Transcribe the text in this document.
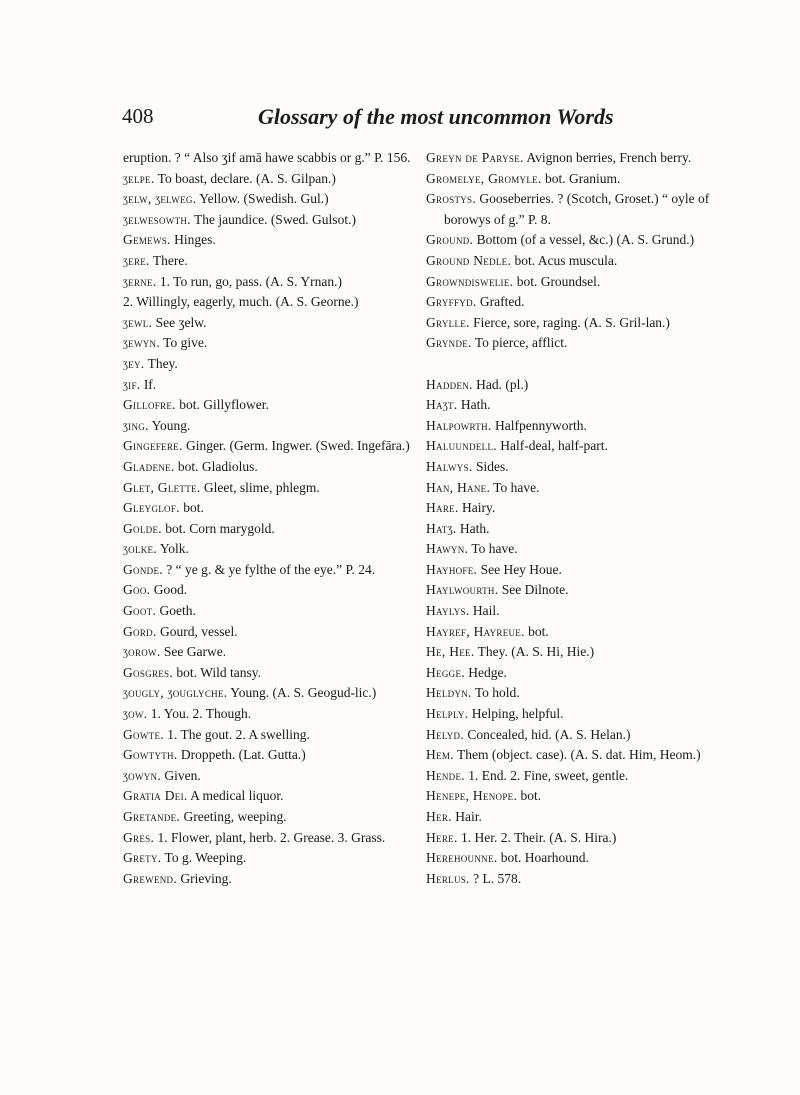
408	Glossary of the most uncommon Words

eruption. ? “ Also ʒif amā hawe scabbis or g.” P. 156.

ʒelpe. To boast, declare. (A. S. Gilpan.)

ʒelw, ʒelweg. Yellow. (Swedish. Gul.)

ʒelwesowth. The jaundice. (Swed. Gulsot.)

Gemews. Hinges.

ʒere. There.

ʒerne. 1. To run, go, pass. (A. S. Yrnan.)

2. Willingly, eagerly, much. (A. S. Georne.)

ʒewl. See ʒelw.

ʒewyn. To give.

ʒey. They.

ʒif. If.

Gillofre. bot. Gillyflower.

ʒing. Young.

Gingefere. Ginger. (Germ. Ingwer. (Swed. Ingefāra.)

Gladene. bot. Gladiolus.

Glet, Glette. Gleet, slime, phlegm.

Gleyglof. bot.

Golde. bot. Corn marygold.

ʒolke. Yolk.

Gonde. ? “ ye g. & ye fylthe of the eye.” P. 24.

Goo. Good.

Goot. Goeth.

Gord. Gourd, vessel.

ʒorow. See Garwe.

Gosgres. bot. Wild tansy.

ʒougly, ʒouglyche. Young. (A. S. Geogud-lic.)

ʒow. 1. You. 2. Though.

Gowte. 1. The gout. 2. A swelling.

Gowtyth. Droppeth. (Lat. Gutta.)

ʒowyn. Given.

Gratia Dei. A medical liquor.

Gretande. Greeting, weeping.

Gres. 1. Flower, plant, herb. 2. Grease. 3. Grass.

Grety. To g. Weeping.

Grewend. Grieving.

Greyn de Paryse. Avignon berries, French berry.

Gromelye, Gromyle. bot. Granium.

Grostys. Gooseberries. ? (Scotch, Groset.) “ oyle of borowys of g.” P. 8.

Ground. Bottom (of a vessel, &c.) (A. S. Grund.)

Ground Nedle. bot. Acus muscula.

Growndiswelie. bot. Groundsel.

Gryffyd. Grafted.

Grylle. Fierce, sore, raging. (A. S. Gril-lan.)

Grynde. To pierce, afflict.

Hadden. Had. (pl.)

Haʒt. Hath.

Halpowrth. Halfpennyworth.

Haluundell. Half-deal, half-part.

Halwys. Sides.

Han, Hane. To have.

Hare. Hairy.

Hatʒ. Hath.

Hawyn. To have.

Hayhofe. See Hey Houe.

Haylwourth. See Dilnote.

Haylys. Hail.

Hayref, Hayreue. bot.

He, Hee. They. (A. S. Hi, Hie.)

Hegge. Hedge.

Heldyn. To hold.

Helply. Helping, helpful.

Helyd. Concealed, hid. (A. S. Helan.)

Hem. Them (object. case). (A. S. dat. Him, Heom.)

Hende. 1. End. 2. Fine, sweet, gentle.

Henepe, Henope. bot.

Her. Hair.

Here. 1. Her. 2. Their. (A. S. Hira.)

Herehounne. bot. Hoarhound.

Herlus. ? L. 578.
